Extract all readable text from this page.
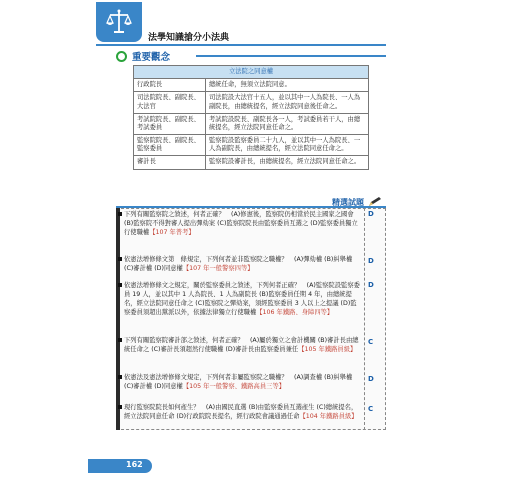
法學知識搶分小法典
重要觀念
立法院之同意權	
行政院長	總統任命，無須立法院同意。
司法院院長、副院長、大法官	司法院設大法官十五人，並以其中一人為院長、一人為副院長，由總統提名，經立法院同意後任命之。
考試院院長、副院長、考試委員	考試院設院長、副院長各一人，考試委員若干人，由總統提名，經立法院同意任命之。
監察院院長、副院長、監察委員	監察院設監察委員二十九人，並以其中一人為院長、一人為副院長，由總統提名，經立法院同意任命之。
審計長	監察院設審計長，由總統提名，經立法院同意任命之。
精選試題
下列有關監察院之敘述，何者正確？　(A)修憲後，監察院仍相當於民主國家之國會 (B)監察院不得對審人提出彈劾案 (C)監察院院長由監察委員互選之 (D)監察委員獨立行使職權【107 年普考】
D
依憲法增修條文第　條規定，下列何者並非監察院之職權？　(A)彈劾權 (B)糾舉權 (C)審計權 (D)同意權【107 年一般警察四等】
D
依憲法增修條文之規定，關於監察委員之敘述，下列何者正確？　(A)監察院設監察委員 19 人，並以其中 1 人為院長、1 人為副院長 (B)監察委員任期 4 年，由總統提名，經立法院同意任命之 (C)監察院之彈劾案，須經監察委員 3 人以上之提議 (D)監察委員須超出黨派以外，依據法律獨立行使職權【106 年鐵路、身障四等】
D
下列有關監察院審計部之敘述，何者正確？　(A)屬於獨立之會計機關 (B)審計長由總統任命之 (C)審計長須超然行使職權 (D)審計長由監察委員兼任【105 年鐵路員級】
C
依憲法及憲法增修條文規定，下列何者非屬監察院之職權？　(A)調查權 (B)糾舉權 (C)審計權 (D)同意權【105 年一般警察、鐵路高員三等】
D
現行監察院院長如何產生？　(A)由國民直選 (B)由監察委員互選產生 (C)總統提名，經立法院同意任命 (D)行政院院長提名，經行政院會議通過任命【104 年鐵路員級】
C
162
